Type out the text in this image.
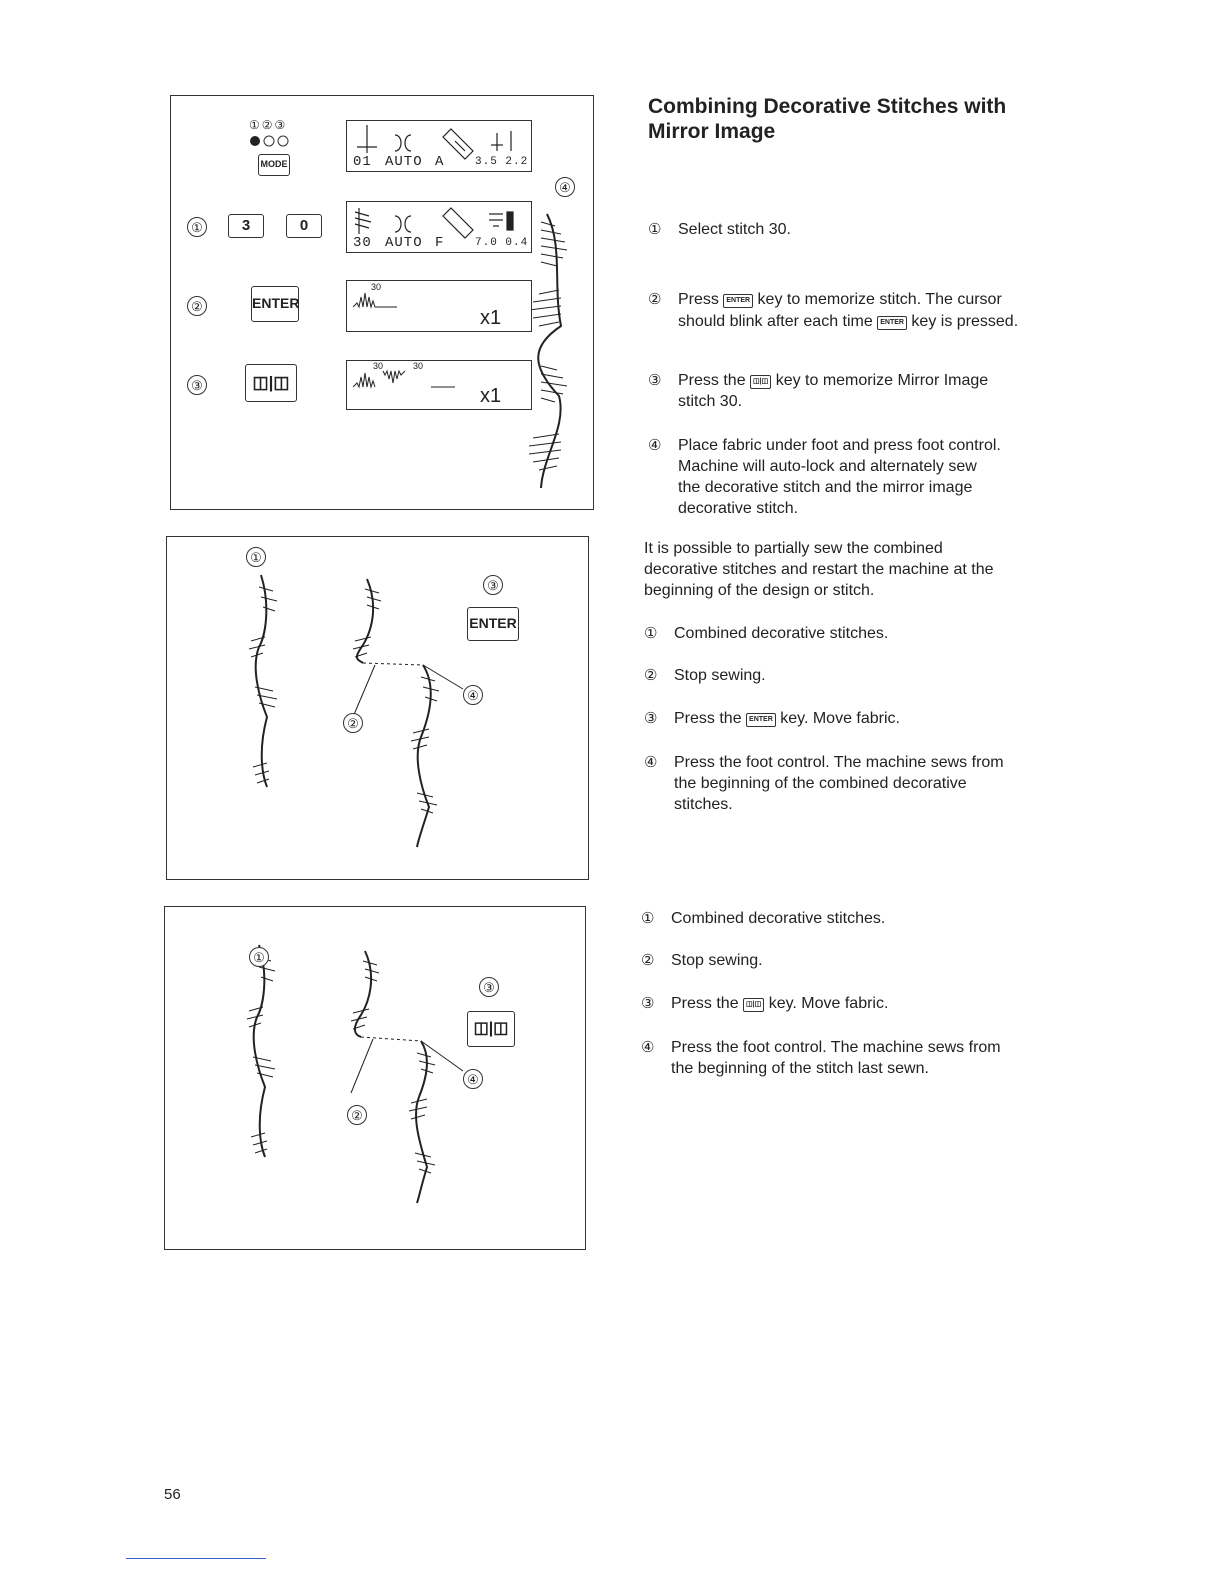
①②③
MODE
①	3	0
②	ENTER
③	◫|◫
④
01 AUTO A	3.5 2.2
30 AUTO F	7.0 0.4
30
x1
30	30
x1
①
②
③
④
ENTER
①
②
③
④
◫|◫
Combining Decorative Stitches with
Mirror Image
① Select stitch 30.
② Press ENTER key to memorize stitch. The cursor
should blink after each time ENTER key is pressed.
③ Press the ◫|◫ key to memorize Mirror Image
stitch 30.
④ Place fabric under foot and press foot control.
Machine will auto-lock and alternately sew
the decorative stitch and the mirror image
decorative stitch.
It is possible to partially sew the combined
decorative stitches and restart the machine at the
beginning of the design or stitch.
① Combined decorative stitches.
② Stop sewing.
③ Press the ENTER key. Move fabric.
④ Press the foot control. The machine sews from
the beginning of the combined decorative
stitches.
① Combined decorative stitches.
② Stop sewing.
③ Press the ◫|◫ key. Move fabric.
④ Press the foot control. The machine sews from
the beginning of the stitch last sewn.
56
